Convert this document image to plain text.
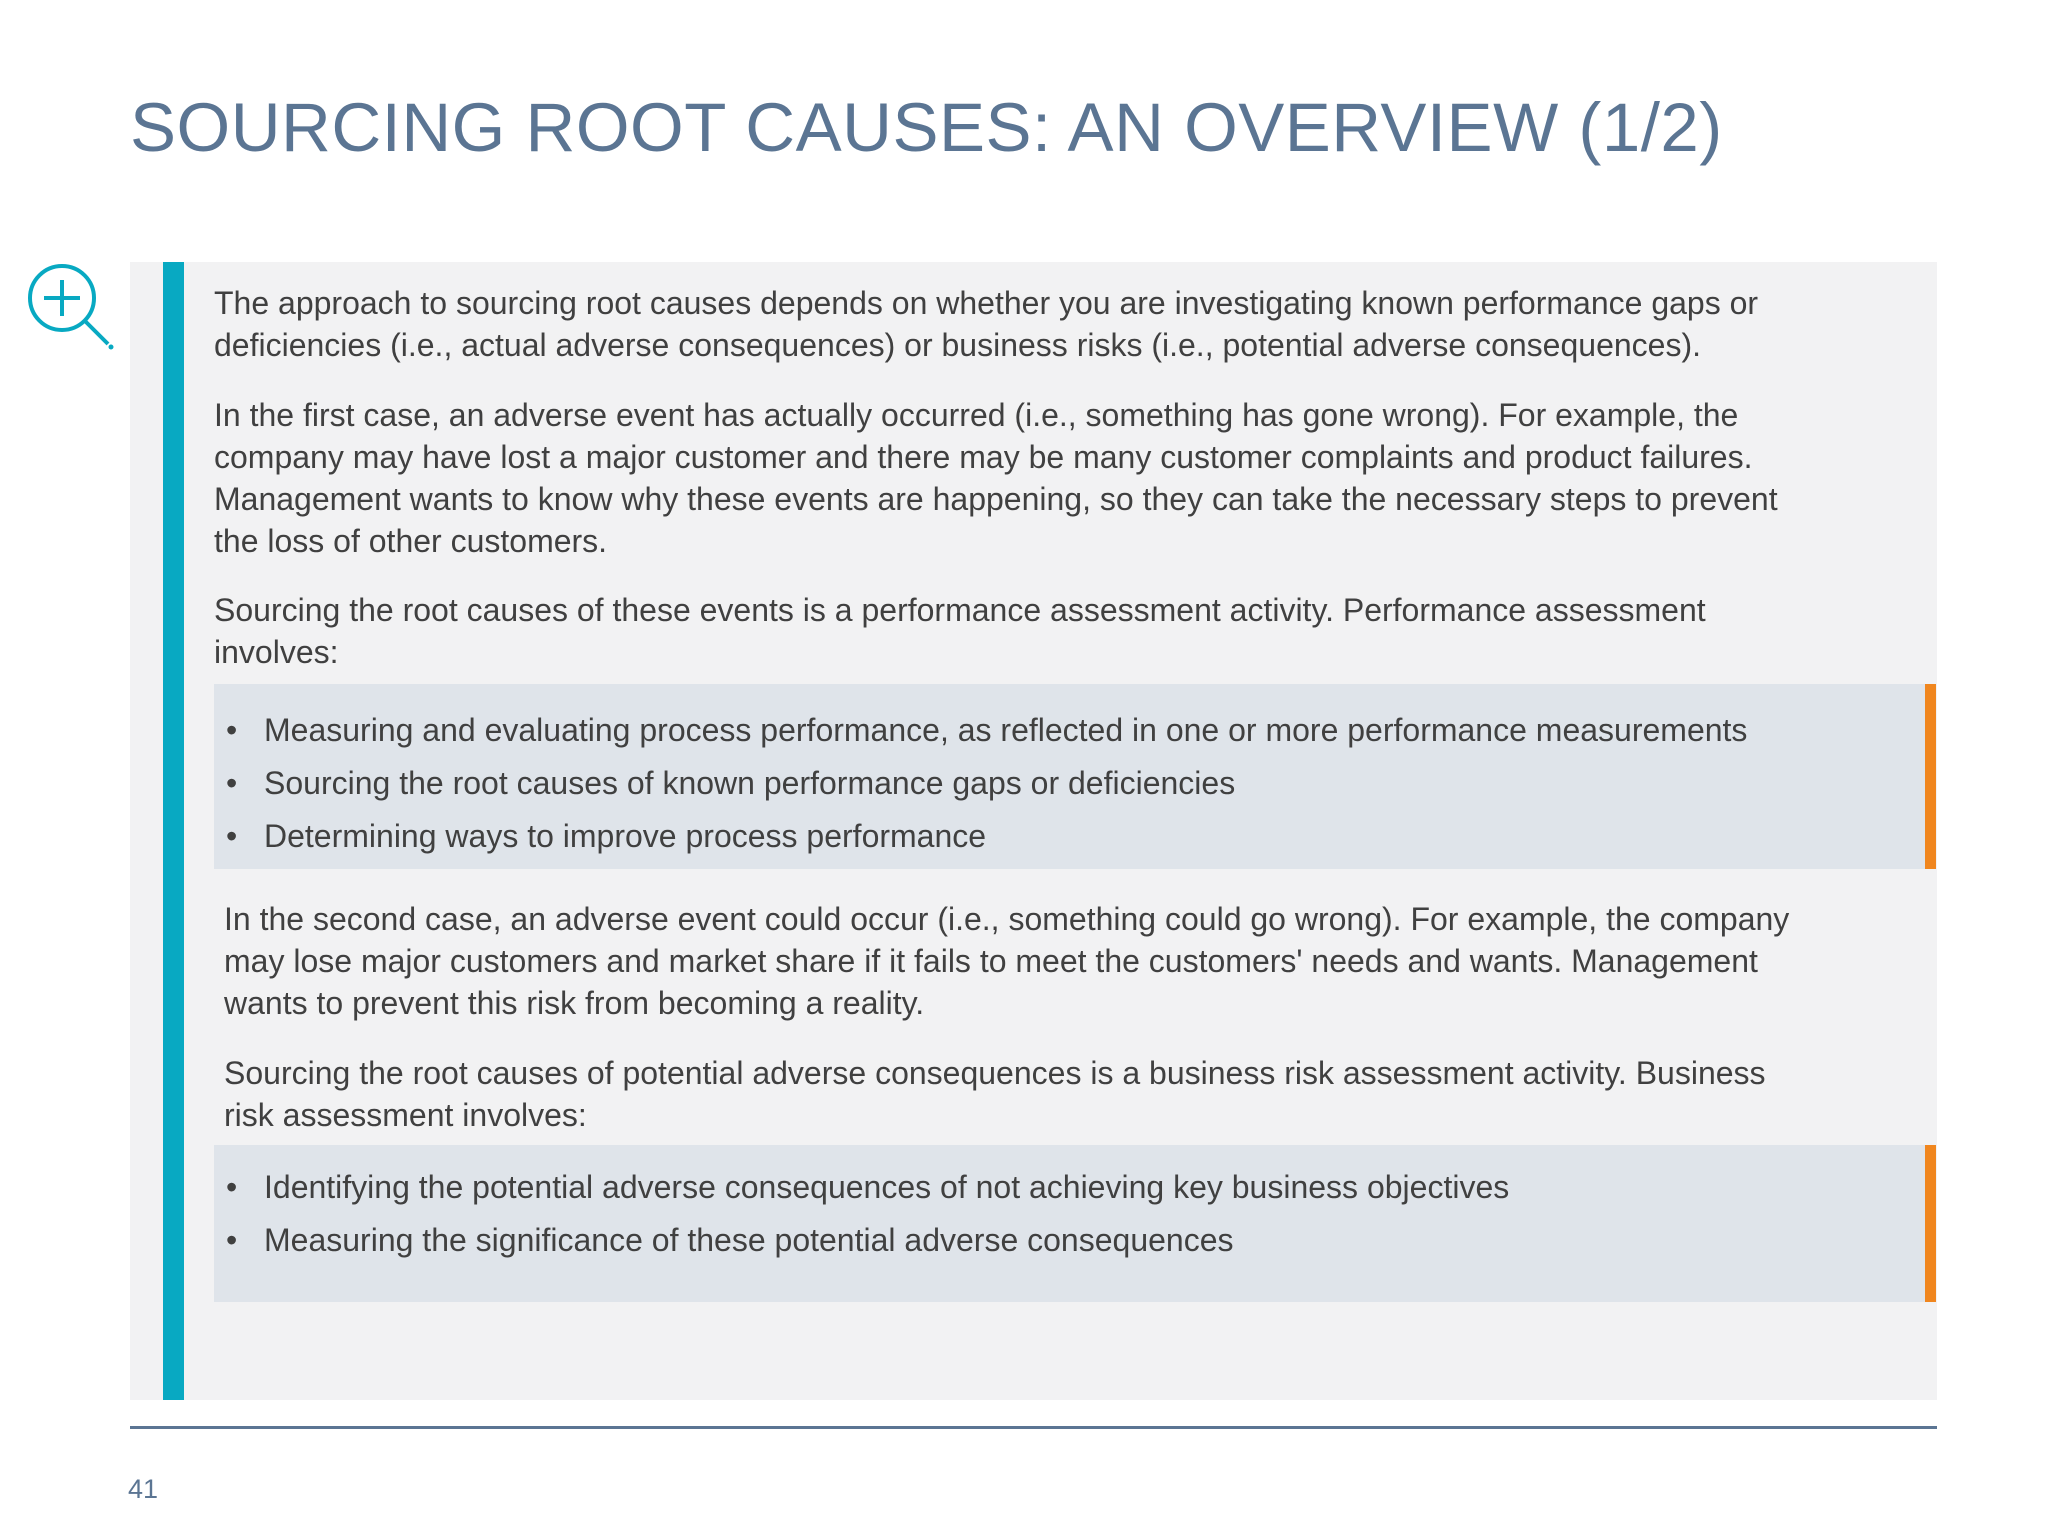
SOURCING ROOT CAUSES: AN OVERVIEW (1/2)

The approach to sourcing root causes depends on whether you are investigating known performance gaps or
deficiencies (i.e., actual adverse consequences) or business risks (i.e., potential adverse consequences).

In the first case, an adverse event has actually occurred (i.e., something has gone wrong). For example, the
company may have lost a major customer and there may be many customer complaints and product failures.
Management wants to know why these events are happening, so they can take the necessary steps to prevent
the loss of other customers.

Sourcing the root causes of these events is a performance assessment activity. Performance assessment
involves:

• Measuring and evaluating process performance, as reflected in one or more performance measurements
• Sourcing the root causes of known performance gaps or deficiencies
• Determining ways to improve process performance

In the second case, an adverse event could occur (i.e., something could go wrong). For example, the company
may lose major customers and market share if it fails to meet the customers' needs and wants. Management
wants to prevent this risk from becoming a reality.

Sourcing the root causes of potential adverse consequences is a business risk assessment activity. Business
risk assessment involves:

• Identifying the potential adverse consequences of not achieving key business objectives
• Measuring the significance of these potential adverse consequences
41
